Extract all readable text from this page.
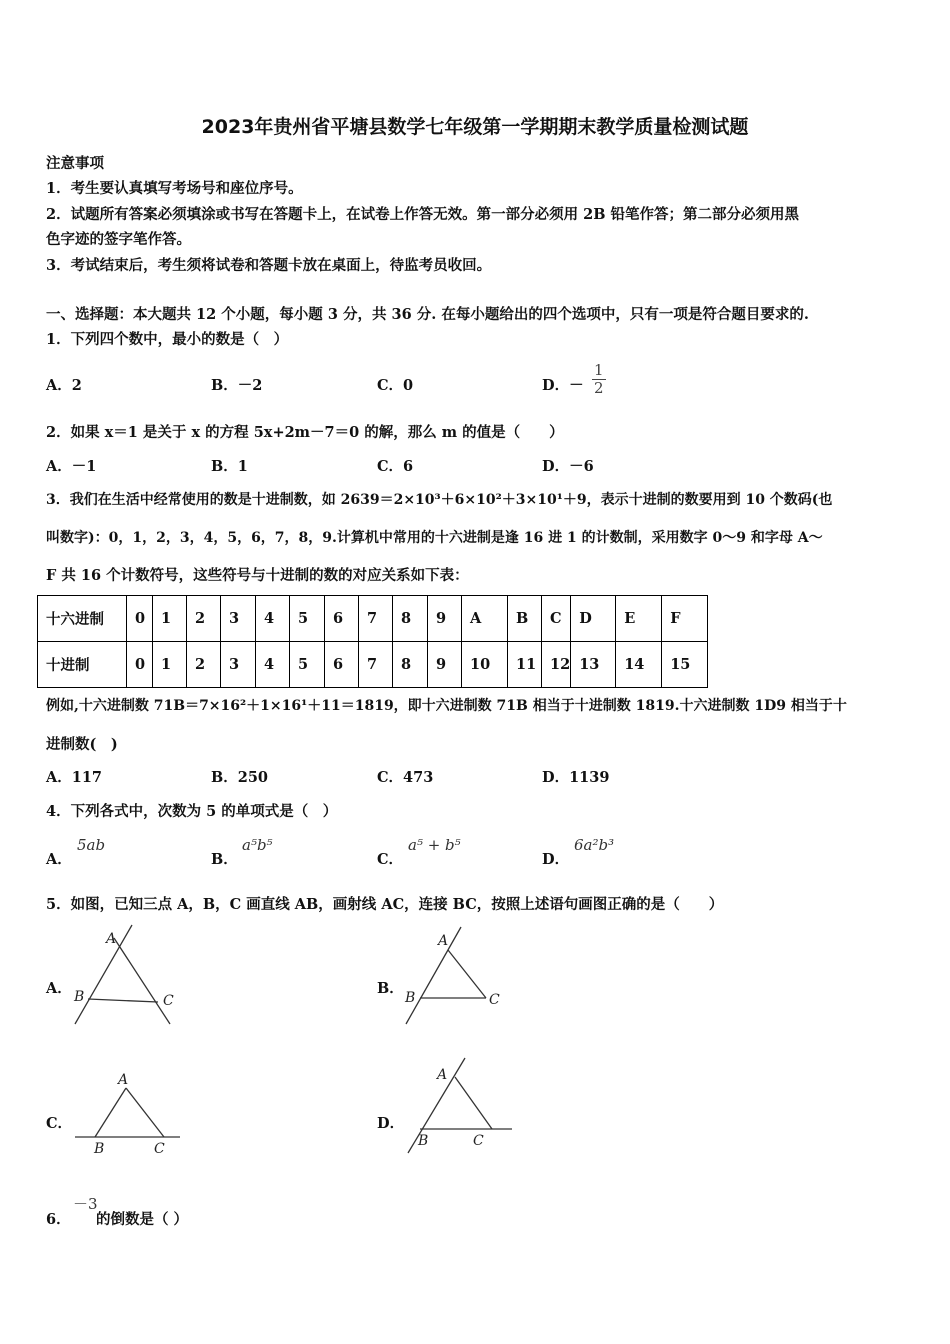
2023年贵州省平塘县数学七年级第一学期期末教学质量检测试题
注意事项
1．考生要认真填写考场号和座位序号。
2．试题所有答案必须填涂或书写在答题卡上，在试卷上作答无效。第一部分必须用 2B 铅笔作答；第二部分必须用黑
色字迹的签字笔作答。
3．考试结束后，考生须将试卷和答题卡放在桌面上，待监考员收回。
一、选择题：本大题共 12 个小题，每小题 3 分，共 36 分. 在每小题给出的四个选项中，只有一项是符合题目要求的.
1．下列四个数中，最小的数是（　）
A．2	B．－2	C．0	D．－ $\frac{1}{2}$
2．如果 x＝1 是关于 x 的方程 5x+2m－7＝0 的解，那么 m 的值是（　　）
A．－1	B．1	C．6	D．－6
3．我们在生活中经常使用的数是十进制数，如 2639＝2×10³＋6×10²＋3×10¹＋9，表示十进制的数要用到 10 个数码(也
叫数字)：0，1，2，3，4，5，6，7，8，9.计算机中常用的十六进制是逢 16 进 1 的计数制，采用数字 0～9 和字母 A～
F 共 16 个计数符号，这些符号与十进制的数的对应关系如下表：
十六进制	0	1	2	3	4	5	6	7	8	9	A	B	C	D	E	F
十进制	0	1	2	3	4	5	6	7	8	9	10	11	12	13	14	15
例如,十六进制数 71B＝7×16²＋1×16¹＋11＝1819，即十六进制数 71B 相当于十进制数 1819.十六进制数 1D9 相当于十
进制数(　)
A．117	B．250	C．473	D．1139
4．下列各式中，次数为 5 的单项式是（　）
A．
5ab
B．
a⁵b⁵
C．
a⁵ + b⁵
D．
6a²b³
5．如图，已知三点 A，B，C 画直线 AB，画射线 AC，连接 BC，按照上述语句画图正确的是（　　）
A．
A
B	C
B．
A
B	C
C．
A
B	C
D．
A
B	C
6．
－3
的倒数是（ ）
